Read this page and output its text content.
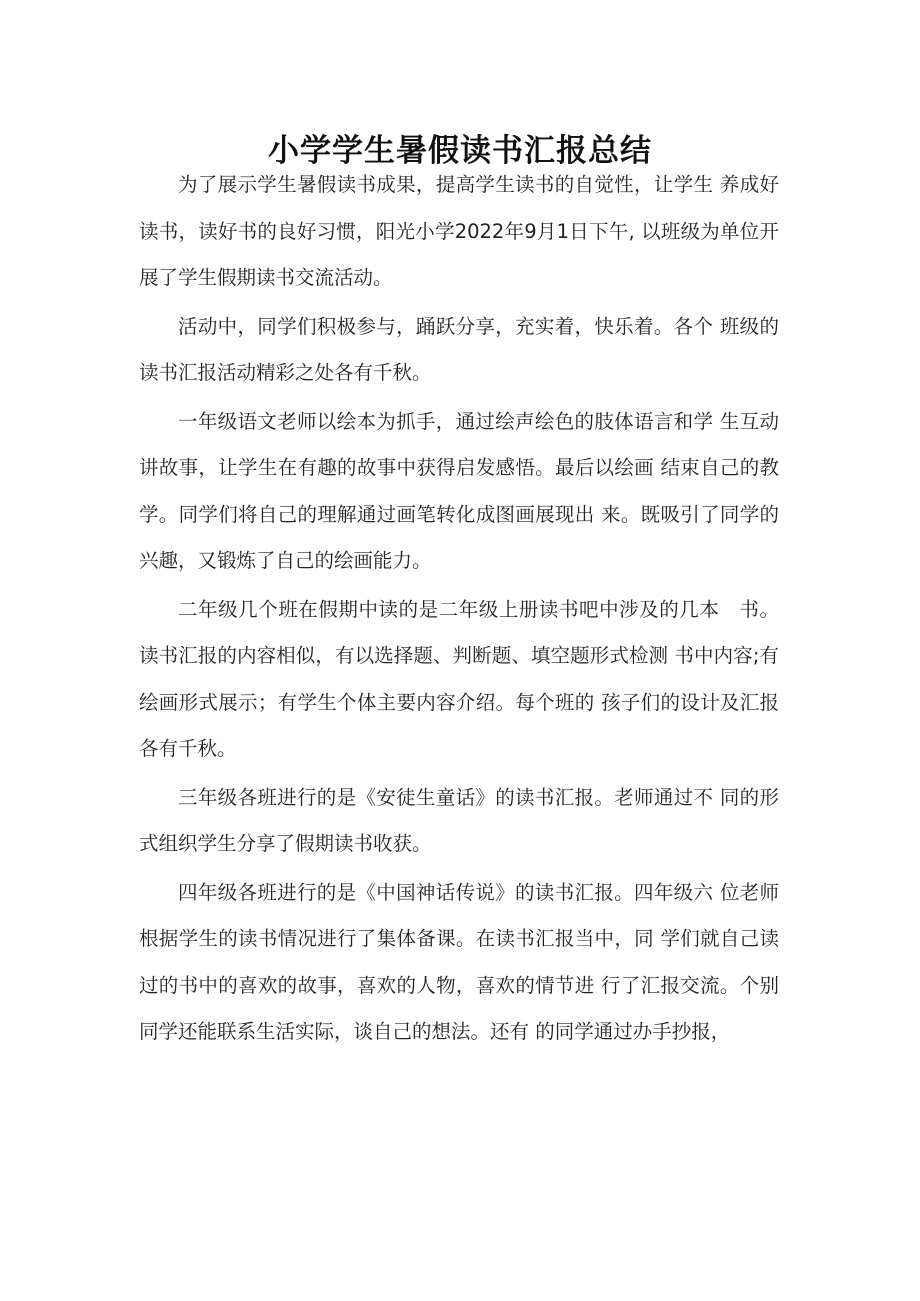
小学学生暑假读书汇报总结

为了展示学生暑假读书成果，提高学生读书的自觉性，让学生 养成好读书，读好书的良好习惯，阳光小学2022年9月1日下午, 以班级为单位开展了学生假期读书交流活动。

活动中，同学们积极参与，踊跃分享，充实着，快乐着。各个 班级的读书汇报活动精彩之处各有千秋。

一年级语文老师以绘本为抓手，通过绘声绘色的肢体语言和学 生互动讲故事，让学生在有趣的故事中获得启发感悟。最后以绘画 结束自己的教学。同学们将自己的理解通过画笔转化成图画展现出 来。既吸引了同学的兴趣，又锻炼了自己的绘画能力。

二年级几个班在假期中读的是二年级上册读书吧中涉及的几本　书。读书汇报的内容相似，有以选择题、判断题、填空题形式检测 书中内容;有绘画形式展示；有学生个体主要内容介绍。每个班的 孩子们的设计及汇报各有千秋。

三年级各班进行的是《安徒生童话》的读书汇报。老师通过不 同的形式组织学生分享了假期读书收获。

四年级各班进行的是《中国神话传说》的读书汇报。四年级六 位老师根据学生的读书情况进行了集体备课。在读书汇报当中，同 学们就自己读过的书中的喜欢的故事，喜欢的人物，喜欢的情节进 行了汇报交流。个别同学还能联系生活实际，谈自己的想法。还有 的同学通过办手抄报，
